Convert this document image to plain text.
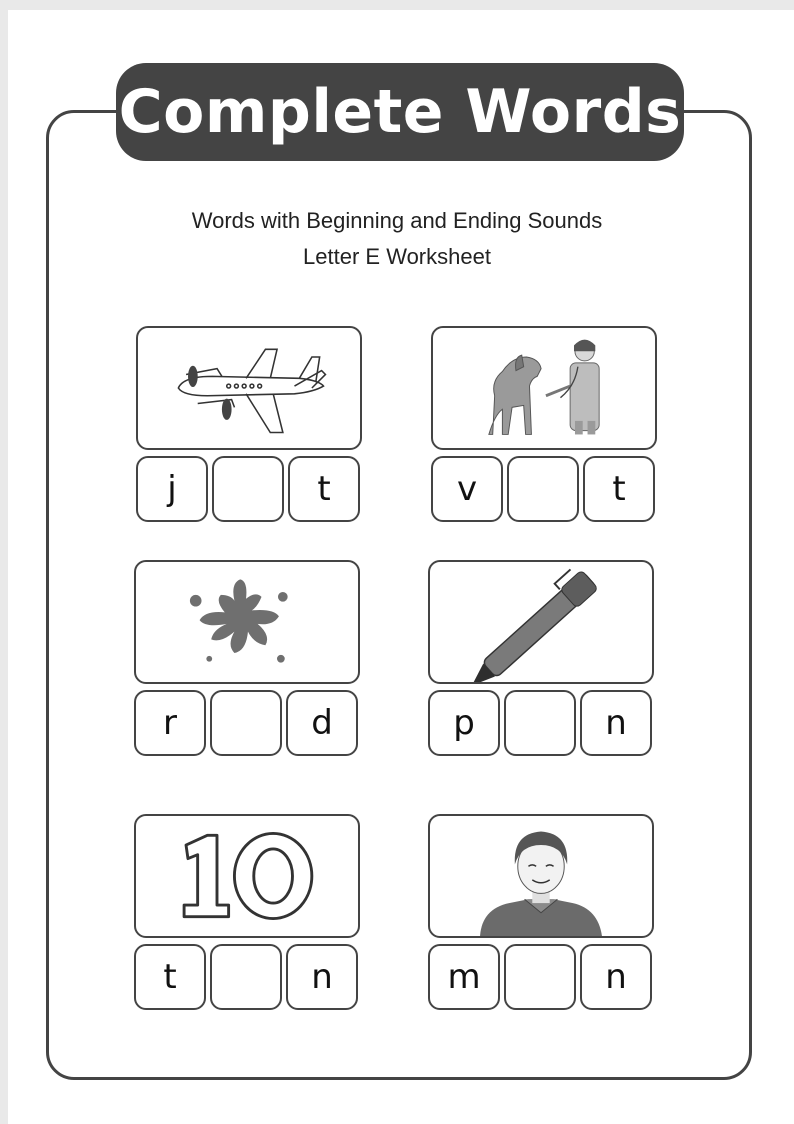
Complete Words
Words with Beginning and Ending Sounds
Letter E Worksheet
j	t	v	t
r	d	p	n
t	n	m	n
